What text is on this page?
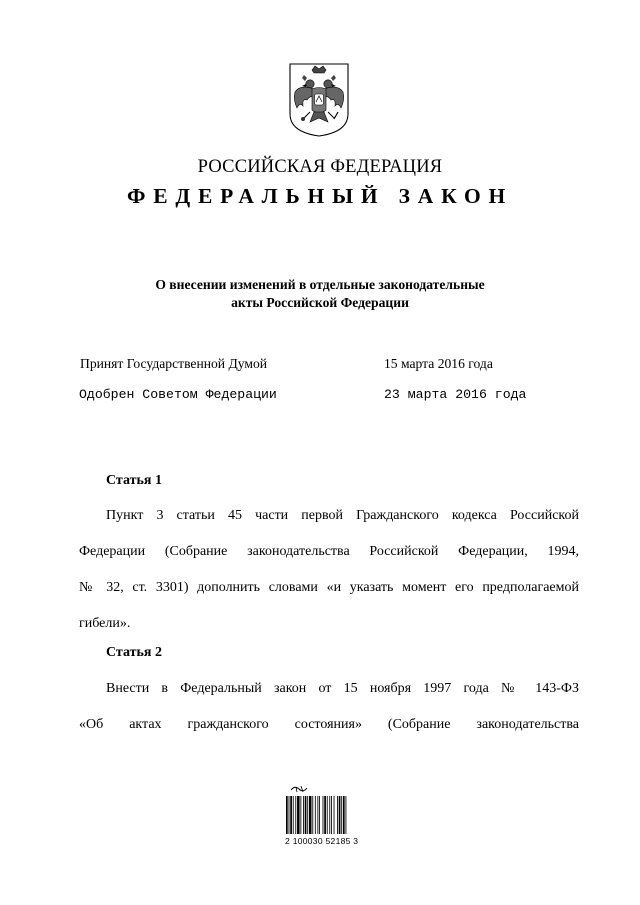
РОССИЙСКАЯ ФЕДЕРАЦИЯ
ФЕДЕРАЛЬНЫЙ ЗАКОН
О внесении изменений в отдельные законодательные
акты Российской Федерации
Принят Государственной Думой	15 марта 2016 года
Одобрен Советом Федерации	23 марта 2016 года
Статья 1
Пункт 3 статьи 45 части первой Гражданского кодекса Российской
Федерации (Собрание законодательства Российской Федерации, 1994,
№ 32, ст. 3301) дополнить словами «и указать момент его предполагаемой
гибели».
Статья 2
Внести в Федеральный закон от 15 ноября 1997 года № 143-ФЗ
«Об актах гражданского состояния» (Собрание законодательства
2 100030 52185 3
